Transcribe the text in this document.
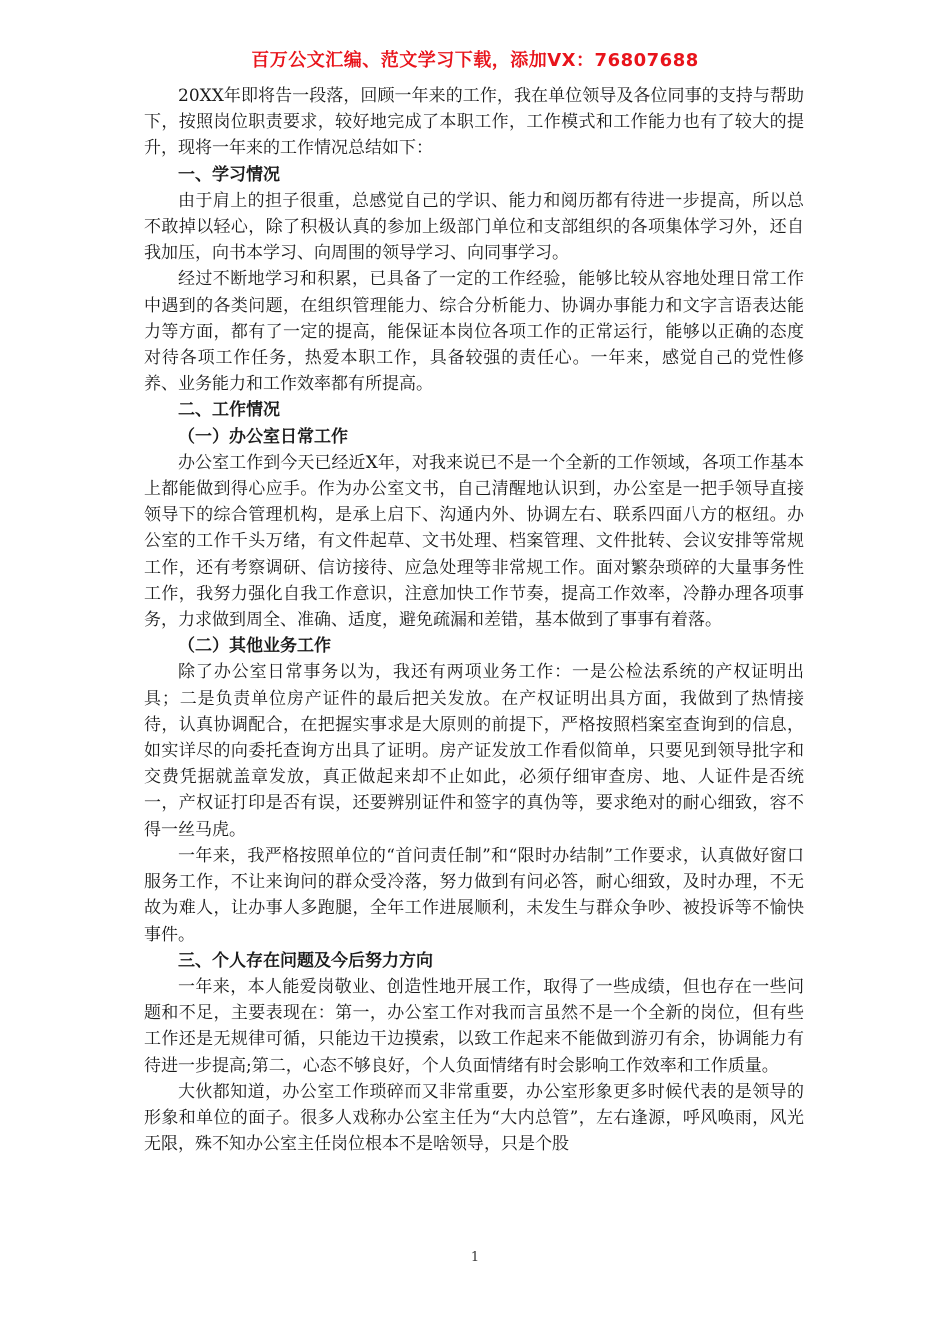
百万公文汇编、范文学习下载，添加VX：76807688

20XX年即将告一段落，回顾一年来的工作，我在单位领导及各位同事的支持与帮助下，按照岗位职责要求，较好地完成了本职工作，工作模式和工作能力也有了较大的提升，现将一年来的工作情况总结如下：

一、学习情况

由于肩上的担子很重，总感觉自己的学识、能力和阅历都有待进一步提高，所以总不敢掉以轻心，除了积极认真的参加上级部门单位和支部组织的各项集体学习外，还自我加压，向书本学习、向周围的领导学习、向同事学习。

经过不断地学习和积累，已具备了一定的工作经验，能够比较从容地处理日常工作中遇到的各类问题，在组织管理能力、综合分析能力、协调办事能力和文字言语表达能力等方面，都有了一定的提高，能保证本岗位各项工作的正常运行，能够以正确的态度对待各项工作任务，热爱本职工作，具备较强的责任心。一年来，感觉自己的党性修养、业务能力和工作效率都有所提高。

二、工作情况

（一）办公室日常工作

办公室工作到今天已经近X年，对我来说已不是一个全新的工作领域，各项工作基本上都能做到得心应手。作为办公室文书，自己清醒地认识到，办公室是一把手领导直接领导下的综合管理机构，是承上启下、沟通内外、协调左右、联系四面八方的枢纽。办公室的工作千头万绪，有文件起草、文书处理、档案管理、文件批转、会议安排等常规工作，还有考察调研、信访接待、应急处理等非常规工作。面对繁杂琐碎的大量事务性工作，我努力强化自我工作意识，注意加快工作节奏，提高工作效率，冷静办理各项事务，力求做到周全、准确、适度，避免疏漏和差错，基本做到了事事有着落。

（二）其他业务工作

除了办公室日常事务以为，我还有两项业务工作：一是公检法系统的产权证明出具；二是负责单位房产证件的最后把关发放。在产权证明出具方面，我做到了热情接待，认真协调配合，在把握实事求是大原则的前提下，严格按照档案室查询到的信息，如实详尽的向委托查询方出具了证明。房产证发放工作看似简单，只要见到领导批字和交费凭据就盖章发放，真正做起来却不止如此，必须仔细审查房、地、人证件是否统一，产权证打印是否有误，还要辨别证件和签字的真伪等，要求绝对的耐心细致，容不得一丝马虎。

一年来，我严格按照单位的“首问责任制”和“限时办结制”工作要求，认真做好窗口服务工作，不让来询问的群众受冷落，努力做到有问必答，耐心细致，及时办理，不无故为难人，让办事人多跑腿，全年工作进展顺利，未发生与群众争吵、被投诉等不愉快事件。

三、个人存在问题及今后努力方向

一年来，本人能爱岗敬业、创造性地开展工作，取得了一些成绩，但也存在一些问题和不足，主要表现在：第一，办公室工作对我而言虽然不是一个全新的岗位，但有些工作还是无规律可循，只能边干边摸索，以致工作起来不能做到游刃有余，协调能力有待进一步提高;第二，心态不够良好，个人负面情绪有时会影响工作效率和工作质量。

大伙都知道，办公室工作琐碎而又非常重要，办公室形象更多时候代表的是领导的形象和单位的面子。很多人戏称办公室主任为“大内总管”，左右逢源，呼风唤雨，风光无限，殊不知办公室主任岗位根本不是啥领导，只是个股

1
